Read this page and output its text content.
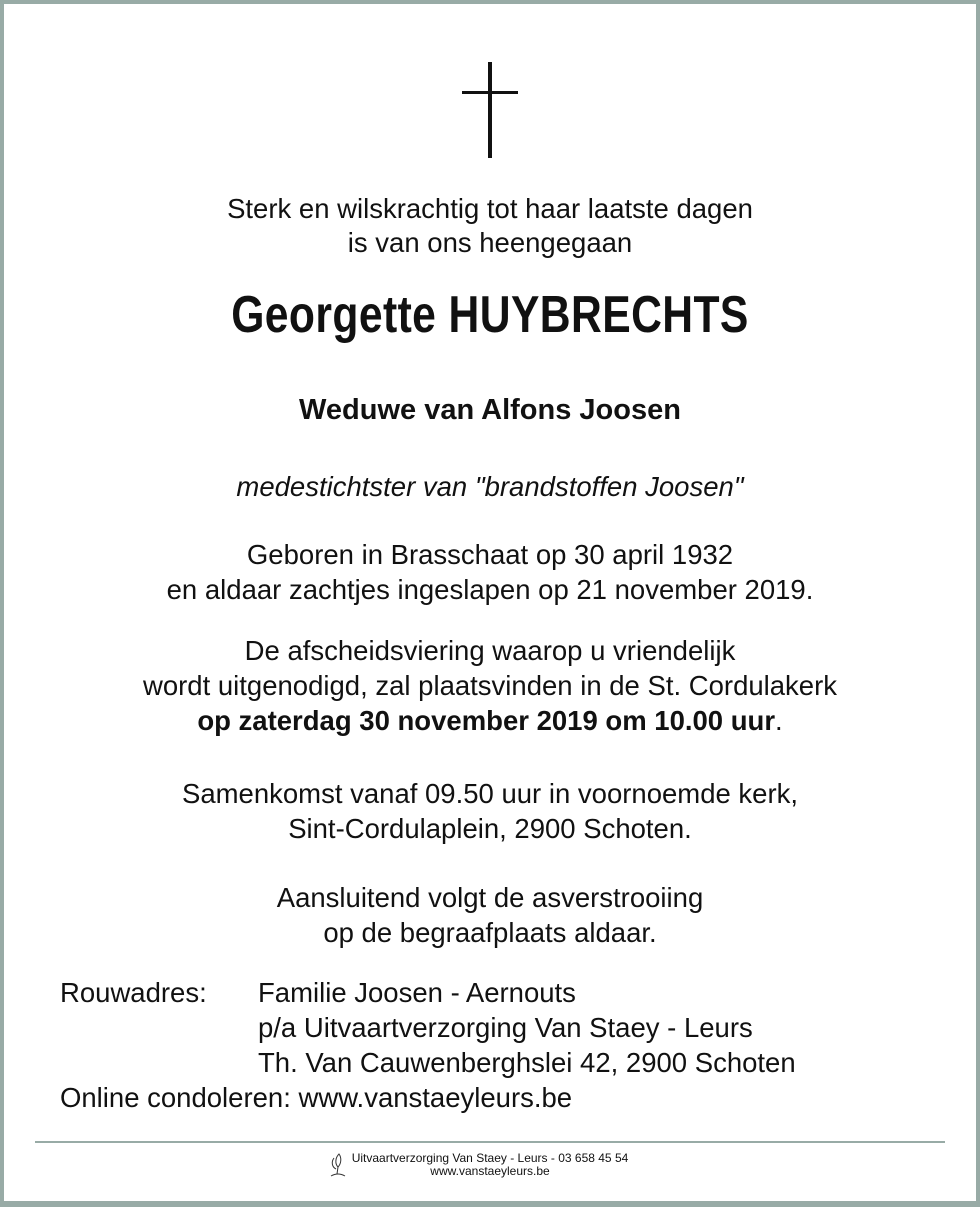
Sterk en wilskrachtig tot haar laatste dagen
is van ons heengegaan
Georgette HUYBRECHTS
Weduwe van Alfons Joosen
medestichtster van "brandstoffen Joosen"
Geboren in Brasschaat op 30 april 1932
en aldaar zachtjes ingeslapen op 21 november 2019.
De afscheidsviering waarop u vriendelijk
wordt uitgenodigd, zal plaatsvinden in de St. Cordulakerk
op zaterdag 30 november 2019 om 10.00 uur.
Samenkomst vanaf 09.50 uur in voornoemde kerk,
Sint-Cordulaplein, 2900 Schoten.
Aansluitend volgt de asverstrooiing
op de begraafplaats aldaar.
Rouwadres: Familie Joosen - Aernouts
p/a Uitvaartverzorging Van Staey - Leurs
Th. Van Cauwenberghslei 42, 2900 Schoten
Online condoleren: www.vanstaeyleurs.be
Uitvaartverzorging Van Staey - Leurs - 03 658 45 54
www.vanstaeyleurs.be
